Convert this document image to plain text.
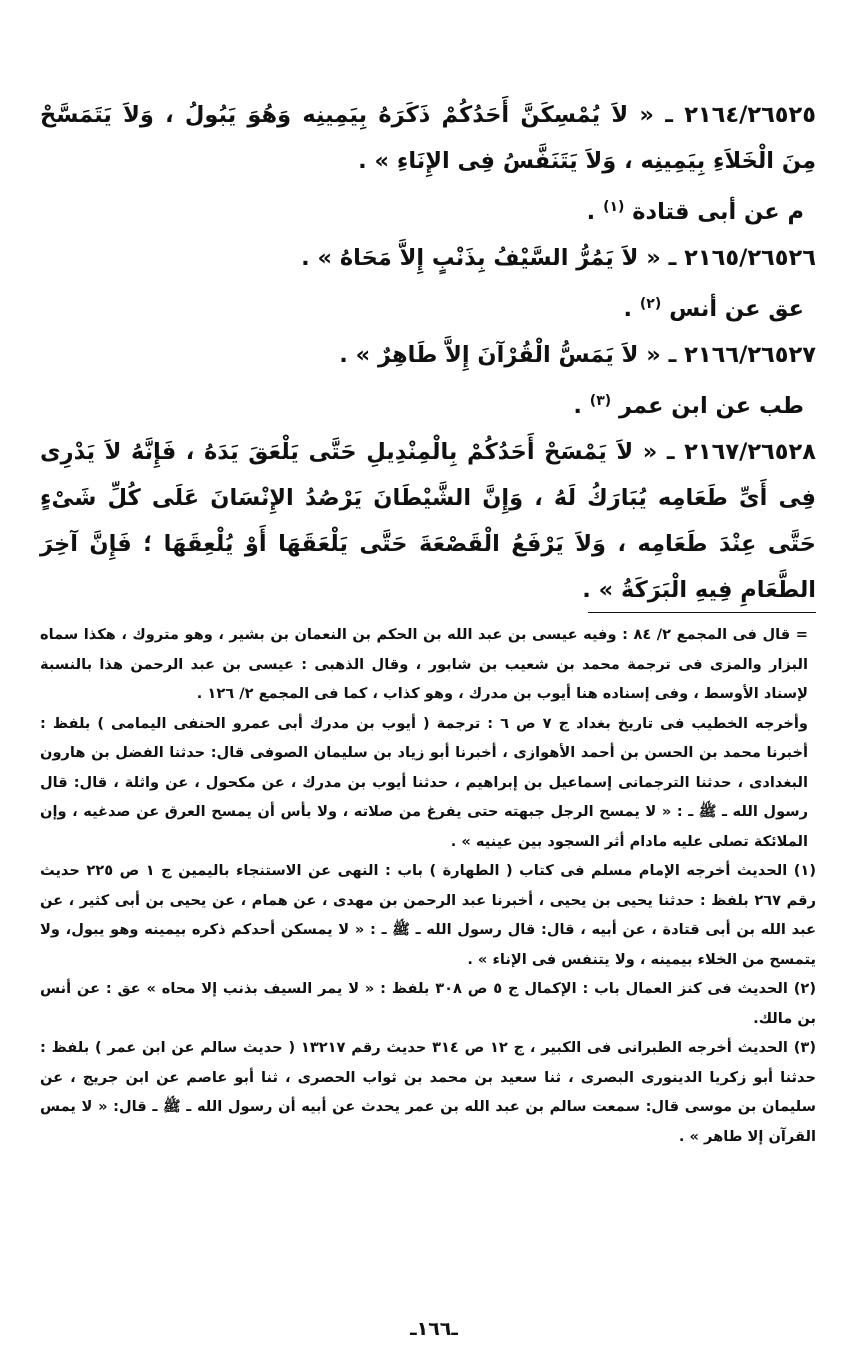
٢١٦٤/٢٦٥٢٥ ـ « لاَ يُمْسِكَنَّ أَحَدُكُمْ ذَكَرَهُ بِيَمِينِه وَهُوَ يَبُولُ ، وَلاَ يَتَمَسَّحْ مِنَ الْخَلاَءِ بِيَمِينِه ، وَلاَ يَتَنَفَّسُ فِى الإِنَاءِ » .

م عن أبى قتادة $^{(١)}$ .

٢١٦٥/٢٦٥٢٦ ـ « لاَ يَمُرُّ السَّيْفُ بِذَنْبٍ إِلاَّ مَحَاهُ » .

عق عن أنس $^{(٢)}$ .

٢١٦٦/٢٦٥٢٧ ـ « لاَ يَمَسُّ الْقُرْآنَ إِلاَّ طَاهِرٌ » .

طب عن ابن عمر $^{(٣)}$ .

٢١٦٧/٢٦٥٢٨ ـ « لاَ يَمْسَحْ أَحَدُكُمْ بِالْمِنْدِيلِ حَتَّى يَلْعَقَ يَدَهُ ، فَإِنَّهُ لاَ يَدْرِى فِى أَىِّ طَعَامِه يُبَارَكُ لَهُ ، وَإِنَّ الشَّيْطَانَ يَرْصُدُ الإِنْسَانَ عَلَى كُلِّ شَىْءٍ حَتَّى عِنْدَ طَعَامِه ، وَلاَ يَرْفَعُ الْقَصْعَةَ حَتَّى يَلْعَقَهَا أَوْ يُلْعِقَهَا ؛ فَإِنَّ آخِرَ الطَّعَامِ فِيهِ الْبَرَكَةُ » .

= قال فى المجمع ٢/ ٨٤ : وفيه عيسى بن عبد الله بن الحكم بن النعمان بن بشير ، وهو متروك ، هكذا سماه البزار والمزى فى ترجمة محمد بن شعيب بن شابور ، وقال الذهبى : عيسى بن عبد الرحمن هذا بالنسبة لإسناد الأوسط ، وفى إسناده هنا أيوب بن مدرك ، وهو كذاب ، كما فى المجمع ٢/ ١٢٦ .

وأخرجه الخطيب فى تاريخ بغداد ج ٧ ص ٦ : ترجمة ( أيوب بن مدرك أبى عمرو الحنفى اليمامى ) بلفظ : أخبرنا محمد بن الحسن بن أحمد الأهوازى ، أخبرنا أبو زياد بن سليمان الصوفى قال: حدثنا الفضل بن هارون البغدادى ، حدثنا الترجمانى إسماعيل بن إبراهيم ، حدثنا أيوب بن مدرك ، عن مكحول ، عن واثلة ، قال: قال رسول الله ـ ﷺ ـ : « لا يمسح الرجل جبهته حتى يفرغ من صلاته ، ولا بأس أن يمسح العرق عن صدغيه ، وإن الملائكة تصلى عليه مادام أثر السجود بين عينيه » .

(١) الحديث أخرجه الإمام مسلم فى كتاب ( الطهارة ) باب : النهى عن الاستنجاء باليمين ج ١ ص ٢٢٥ حديث رقم ٢٦٧ بلفظ : حدثنا يحيى بن يحيى ، أخبرنا عبد الرحمن بن مهدى ، عن همام ، عن يحيى بن أبى كثير ، عن عبد الله بن أبى قتادة ، عن أبيه ، قال: قال رسول الله ـ ﷺ ـ : « لا يمسكن أحدكم ذكره بيمينه وهو يبول، ولا يتمسح من الخلاء بيمينه ، ولا يتنفس فى الإناء » .

(٢) الحديث فى كنز العمال باب : الإكمال ج ٥ ص ٣٠٨ بلفظ : « لا يمر السيف بذنب إلا محاه » عق : عن أنس بن مالك.

(٣) الحديث أخرجه الطبرانى فى الكبير ، ج ١٢ ص ٣١٤ حديث رقم ١٣٢١٧ ( حديث سالم عن ابن عمر ) بلفظ : حدثنا أبو زكريا الدينورى البصرى ، ثنا سعيد بن محمد بن ثواب الحصرى ، ثنا أبو عاصم عن ابن جريج ، عن سليمان بن موسى قال: سمعت سالم بن عبد الله بن عمر يحدث عن أبيه أن رسول الله ـ ﷺ ـ قال: « لا يمس القرآن إلا طاهر » .

ـ١٦٦ـ
